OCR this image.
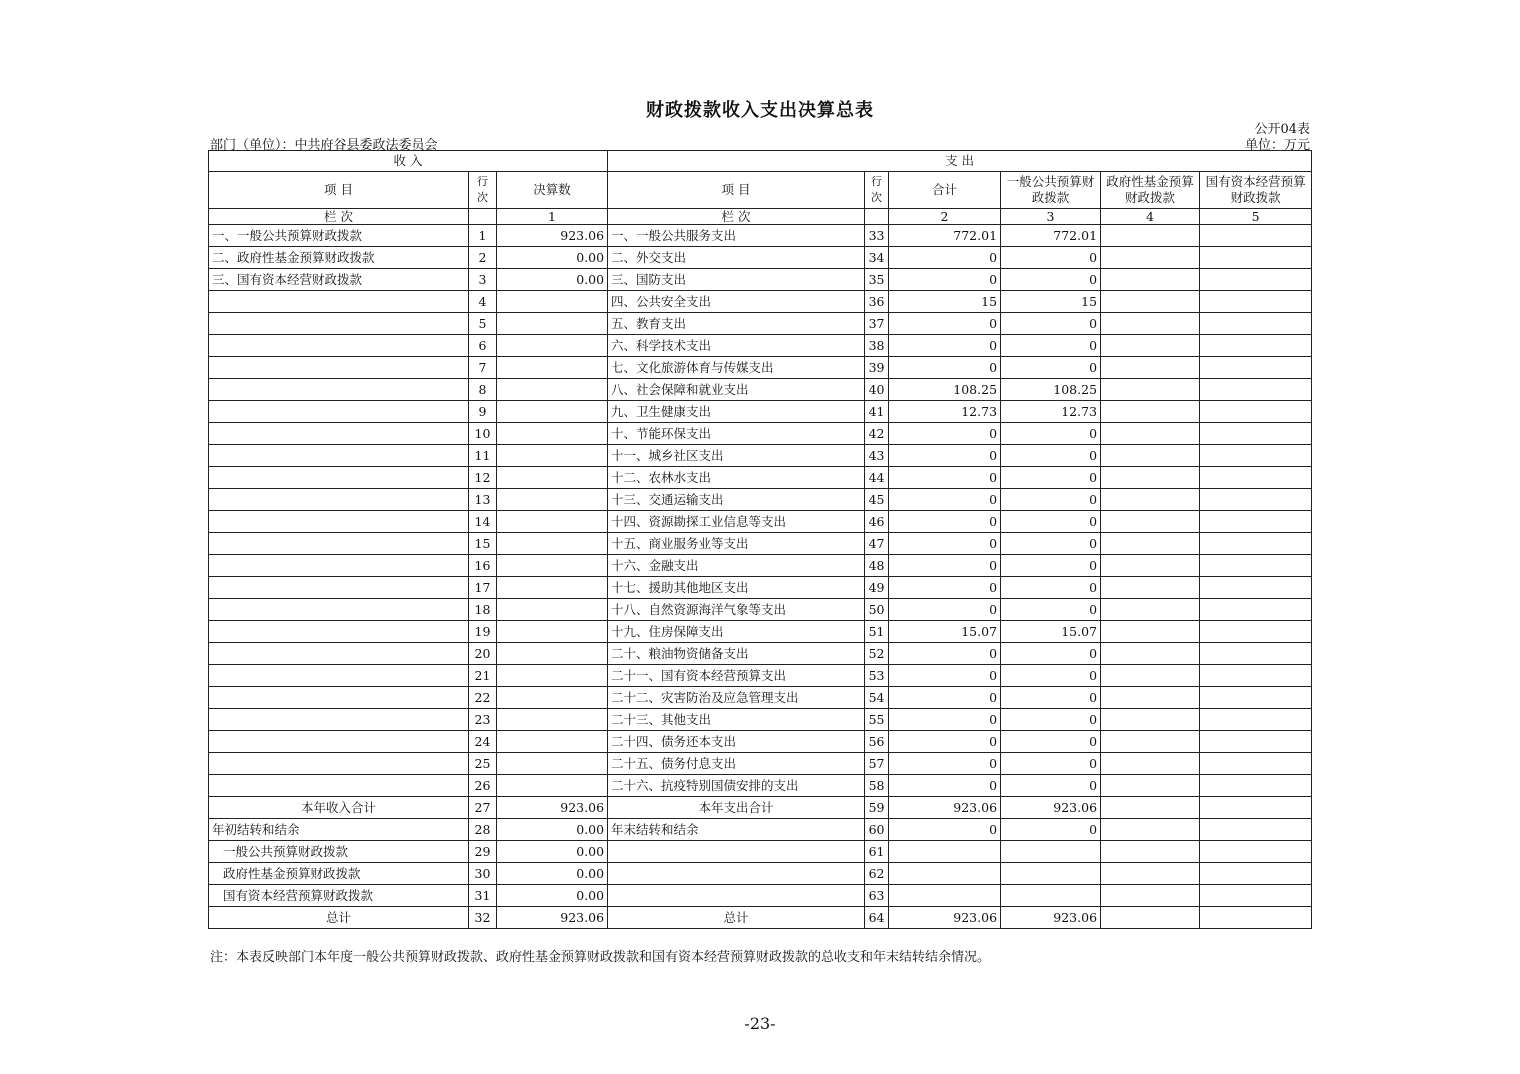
财政拨款收入支出决算总表
公开04表
部门（单位）：中共府谷县委政法委员会	单位：万元
收 入			支 出					
项 目	行次	决算数	项 目	行次	合计	一般公共预算财政拨款	政府性基金预算财政拨款	国有资本经营预算财政拨款
栏 次		1	栏 次		2	3	4	5
一、一般公共预算财政拨款	1	923.06	一、一般公共服务支出	33	772.01	772.01		
二、政府性基金预算财政拨款	2	0.00	二、外交支出	34	0	0		
三、国有资本经营财政拨款	3	0.00	三、国防支出	35	0	0		
	4		四、公共安全支出	36	15	15		
	5		五、教育支出	37	0	0		
	6		六、科学技术支出	38	0	0		
	7		七、文化旅游体育与传媒支出	39	0	0		
	8		八、社会保障和就业支出	40	108.25	108.25		
	9		九、卫生健康支出	41	12.73	12.73		
	10		十、节能环保支出	42	0	0		
	11		十一、城乡社区支出	43	0	0		
	12		十二、农林水支出	44	0	0		
	13		十三、交通运输支出	45	0	0		
	14		十四、资源勘探工业信息等支出	46	0	0		
	15		十五、商业服务业等支出	47	0	0		
	16		十六、金融支出	48	0	0		
	17		十七、援助其他地区支出	49	0	0		
	18		十八、自然资源海洋气象等支出	50	0	0		
	19		十九、住房保障支出	51	15.07	15.07		
	20		二十、粮油物资储备支出	52	0	0		
	21		二十一、国有资本经营预算支出	53	0	0		
	22		二十二、灾害防治及应急管理支出	54	0	0		
	23		二十三、其他支出	55	0	0		
	24		二十四、债务还本支出	56	0	0		
	25		二十五、债务付息支出	57	0	0		
	26		二十六、抗疫特别国债安排的支出	58	0	0		
本年收入合计	27	923.06	本年支出合计	59	923.06	923.06		
年初结转和结余	28	0.00	年末结转和结余	60	0	0		
一般公共预算财政拨款	29	0.00		61				
政府性基金预算财政拨款	30	0.00		62				
国有资本经营预算财政拨款	31	0.00		63				
总计	32	923.06	总计	64	923.06	923.06		
注：本表反映部门本年度一般公共预算财政拨款、政府性基金预算财政拨款和国有资本经营预算财政拨款的总收支和年末结转结余情况。
-23-
